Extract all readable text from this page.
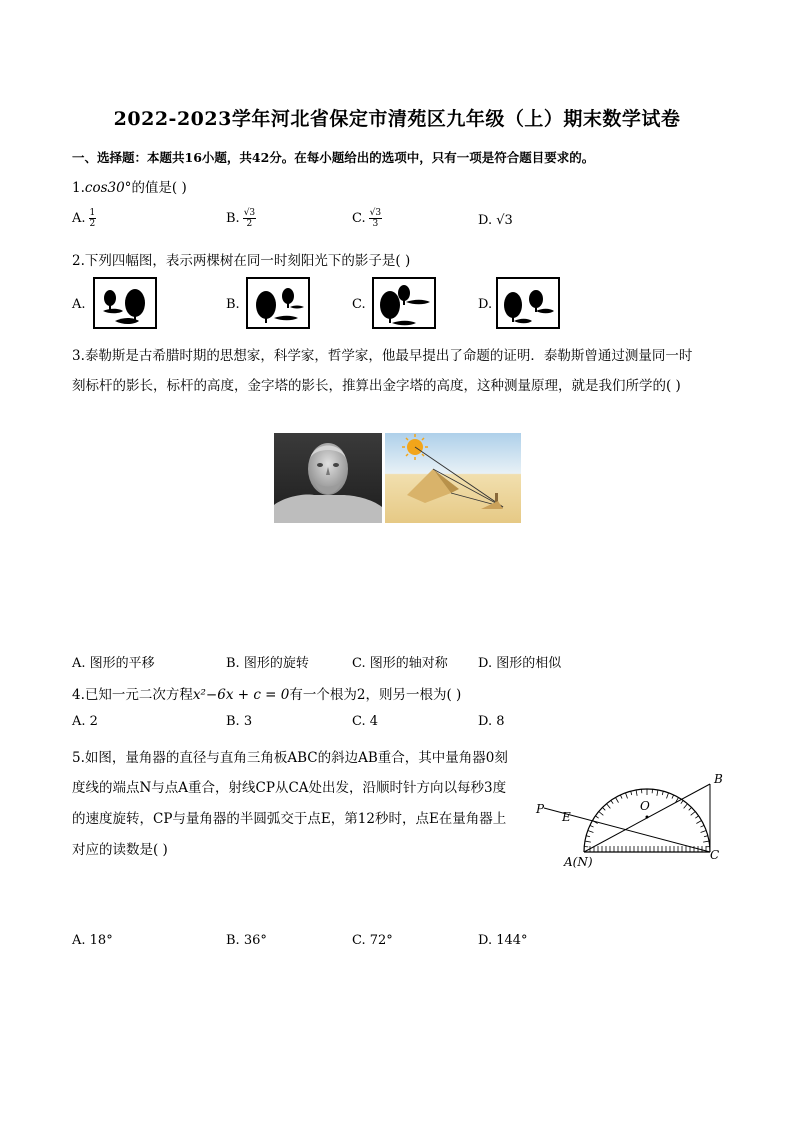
2022-2023学年河北省保定市清苑区九年级（上）期末数学试卷
一、选择题：本题共16小题，共42分。在每小题给出的选项中，只有一项是符合题目要求的。
1.cos30°的值是( )
A. $\frac{1}{2}$	B. $\frac{√3}{2}$	C. $\frac{√3}{3}$	D. √3
2.下列四幅图，表示两棵树在同一时刻阳光下的影子是( )
A.	B.	C.	D.
3.泰勒斯是古希腊时期的思想家，科学家，哲学家，他最早提出了命题的证明．泰勒斯曾通过测量同一时
刻标杆的影长，标杆的高度，金字塔的影长，推算出金字塔的高度，这种测量原理，就是我们所学的( )
A. 图形的平移	B. 图形的旋转	C. 图形的轴对称 D. 图形的相似
4.已知一元二次方程x²−6x + c = 0有一个根为2，则另一根为( )
A. 2	B. 3	C. 4	D. 8
5.如图，量角器的直径与直角三角板ABC的斜边AB重合，其中量角器0刻
度线的端点N与点A重合，射线CP从CA处出发，沿顺时针方向以每秒3度
的速度旋转，CP与量角器的半圆弧交于点E，第12秒时，点E在量角器上
对应的读数是( )
B
O
P
E
A(N)	C
A. 18°	B. 36°	C. 72°	D. 144°
